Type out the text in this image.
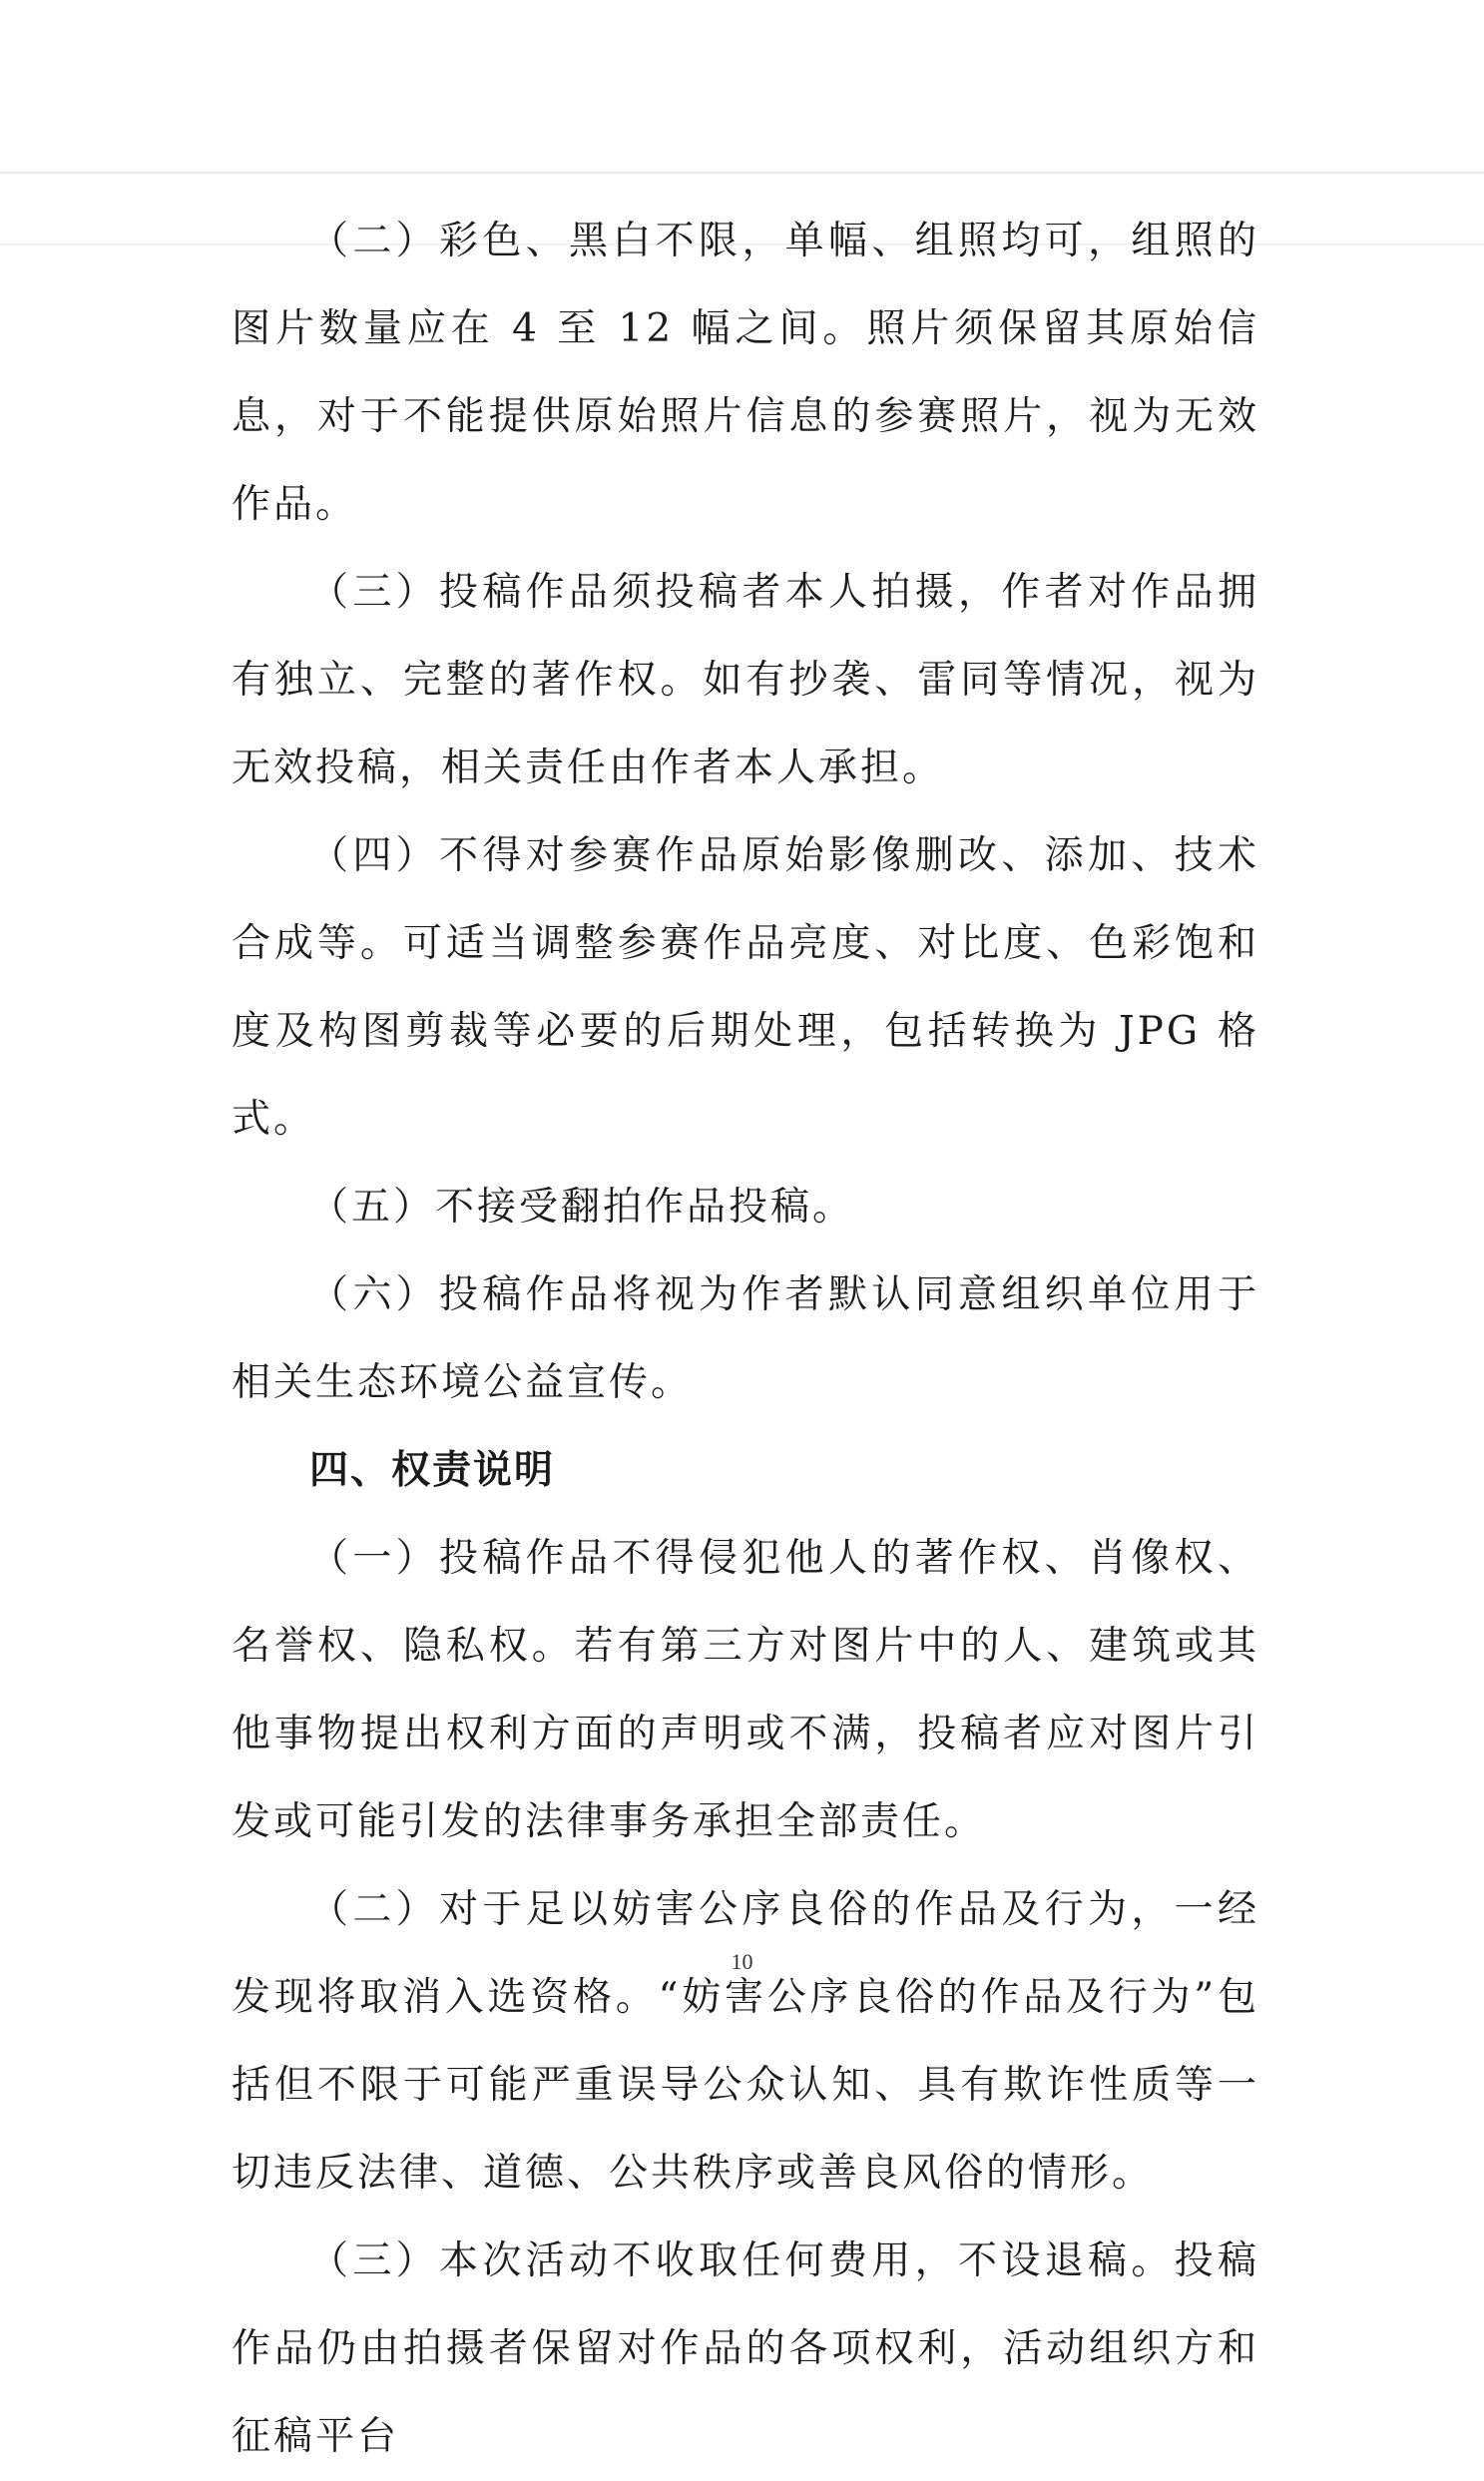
（二）彩色、黑白不限，单幅、组照均可，组照的图片数量应在 4 至 12 幅之间。照片须保留其原始信息，对于不能提供原始照片信息的参赛照片，视为无效作品。

（三）投稿作品须投稿者本人拍摄，作者对作品拥有独立、完整的著作权。如有抄袭、雷同等情况，视为无效投稿，相关责任由作者本人承担。

（四）不得对参赛作品原始影像删改、添加、技术合成等。可适当调整参赛作品亮度、对比度、色彩饱和度及构图剪裁等必要的后期处理，包括转换为 JPG 格式。

（五）不接受翻拍作品投稿。

（六）投稿作品将视为作者默认同意组织单位用于相关生态环境公益宣传。

四、权责说明

（一）投稿作品不得侵犯他人的著作权、肖像权、名誉权、隐私权。若有第三方对图片中的人、建筑或其他事物提出权利方面的声明或不满，投稿者应对图片引发或可能引发的法律事务承担全部责任。

（二）对于足以妨害公序良俗的作品及行为，一经发现将取消入选资格。“妨害公序良俗的作品及行为”包括但不限于可能严重误导公众认知、具有欺诈性质等一切违反法律、道德、公共秩序或善良风俗的情形。

（三）本次活动不收取任何费用，不设退稿。投稿作品仍由拍摄者保留对作品的各项权利，活动组织方和征稿平台

10
